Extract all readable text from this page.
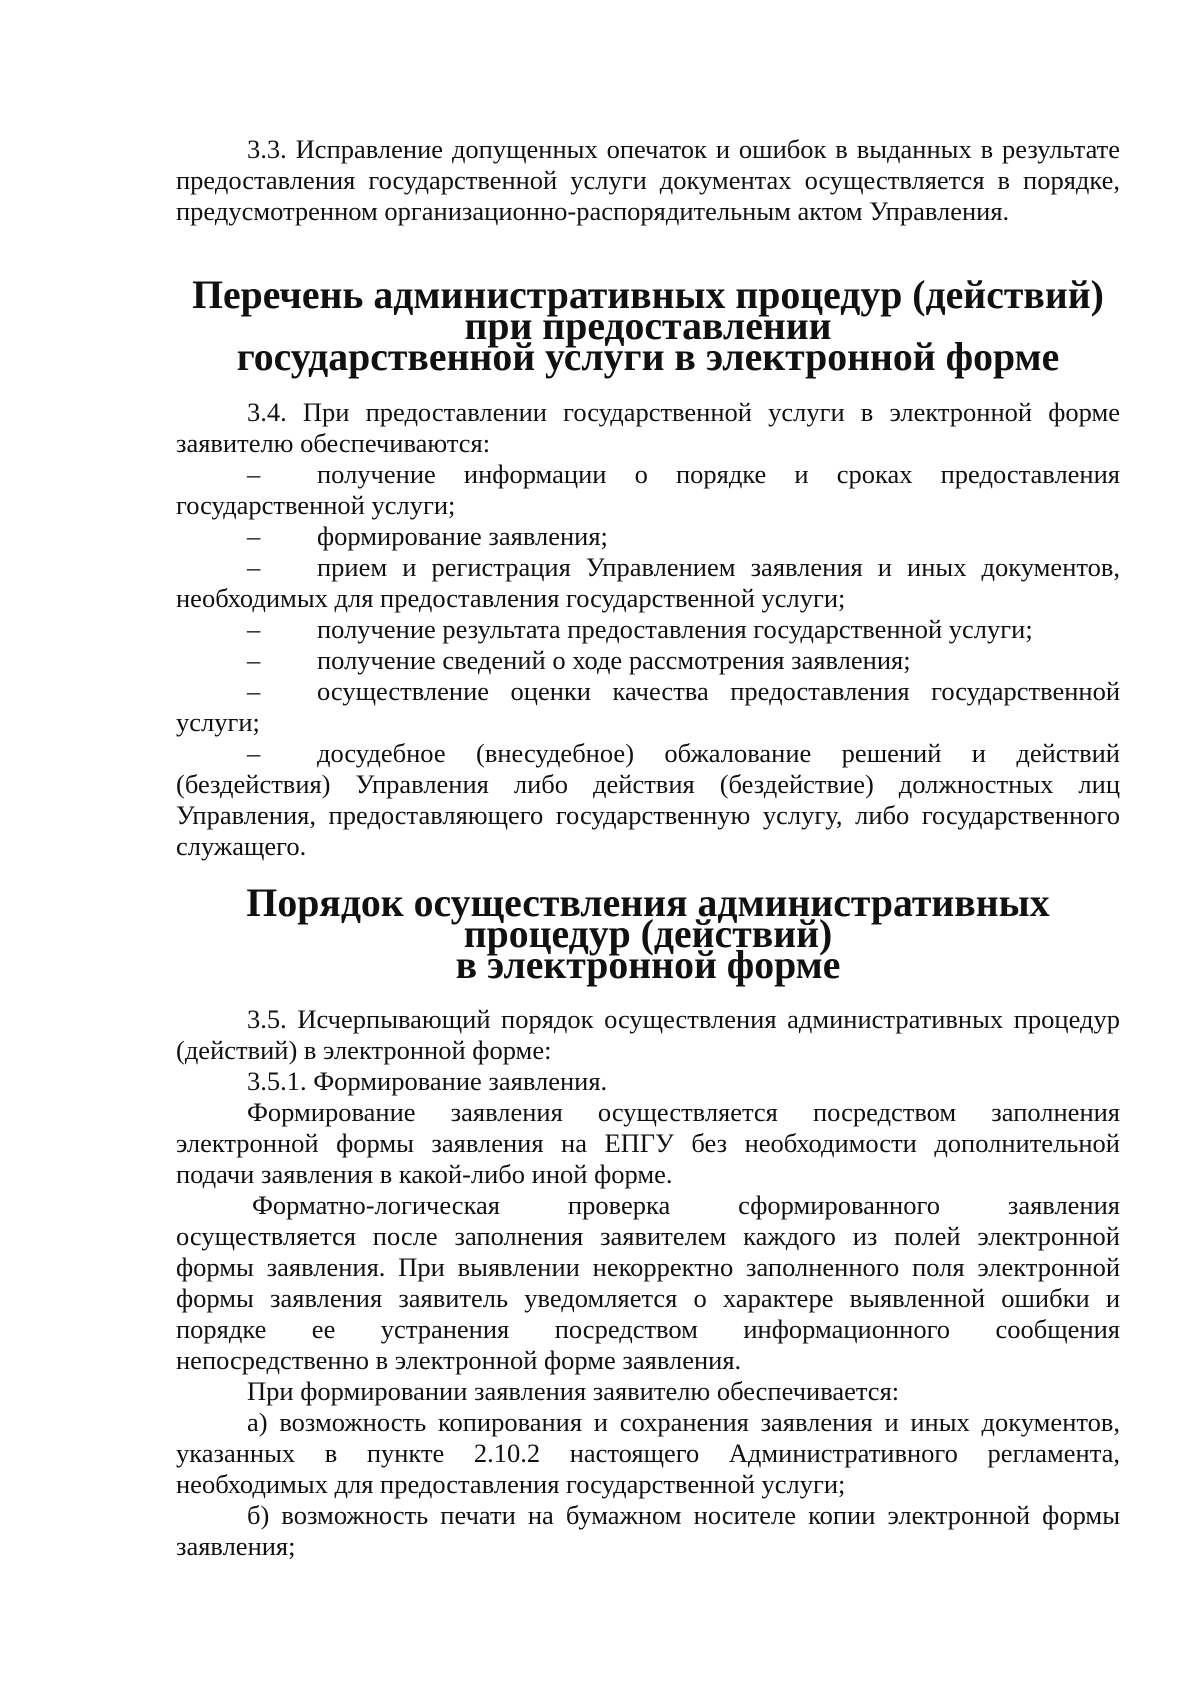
3.3. Исправление допущенных опечаток и ошибок в выданных в результате предоставления государственной услуги документах осуществляется в порядке, предусмотренном организационно-распорядительным актом Управления.

Перечень административных процедур (действий) при предоставлении
государственной услуги в электронной форме

3.4. При предоставлении государственной услуги в электронной форме заявителю обеспечиваются:

– получение информации о порядке и сроках предоставления государственной услуги;

– формирование заявления;

– прием и регистрация Управлением заявления и иных документов, необходимых для предоставления государственной услуги;

– получение результата предоставления государственной услуги;

– получение сведений о ходе рассмотрения заявления;

– осуществление оценки качества предоставления государственной услуги;

– досудебное (внесудебное) обжалование решений и действий (бездействия) Управления либо действия (бездействие) должностных лиц Управления, предоставляющего государственную услугу, либо государственного служащего.

Порядок осуществления административных процедур (действий)
в электронной форме

3.5. Исчерпывающий порядок осуществления административных процедур (действий) в электронной форме:

3.5.1. Формирование заявления.

Формирование заявления осуществляется посредством заполнения электронной формы заявления на ЕПГУ без необходимости дополнительной подачи заявления в какой-либо иной форме.

Форматно-логическая проверка сформированного заявления осуществляется после заполнения заявителем каждого из полей электронной формы заявления. При выявлении некорректно заполненного поля электронной формы заявления заявитель уведомляется о характере выявленной ошибки и порядке ее устранения посредством информационного сообщения непосредственно в электронной форме заявления.

При формировании заявления заявителю обеспечивается:

а) возможность копирования и сохранения заявления и иных документов, указанных в пункте 2.10.2 настоящего Административного регламента, необходимых для предоставления государственной услуги;

б) возможность печати на бумажном носителе копии электронной формы заявления;
